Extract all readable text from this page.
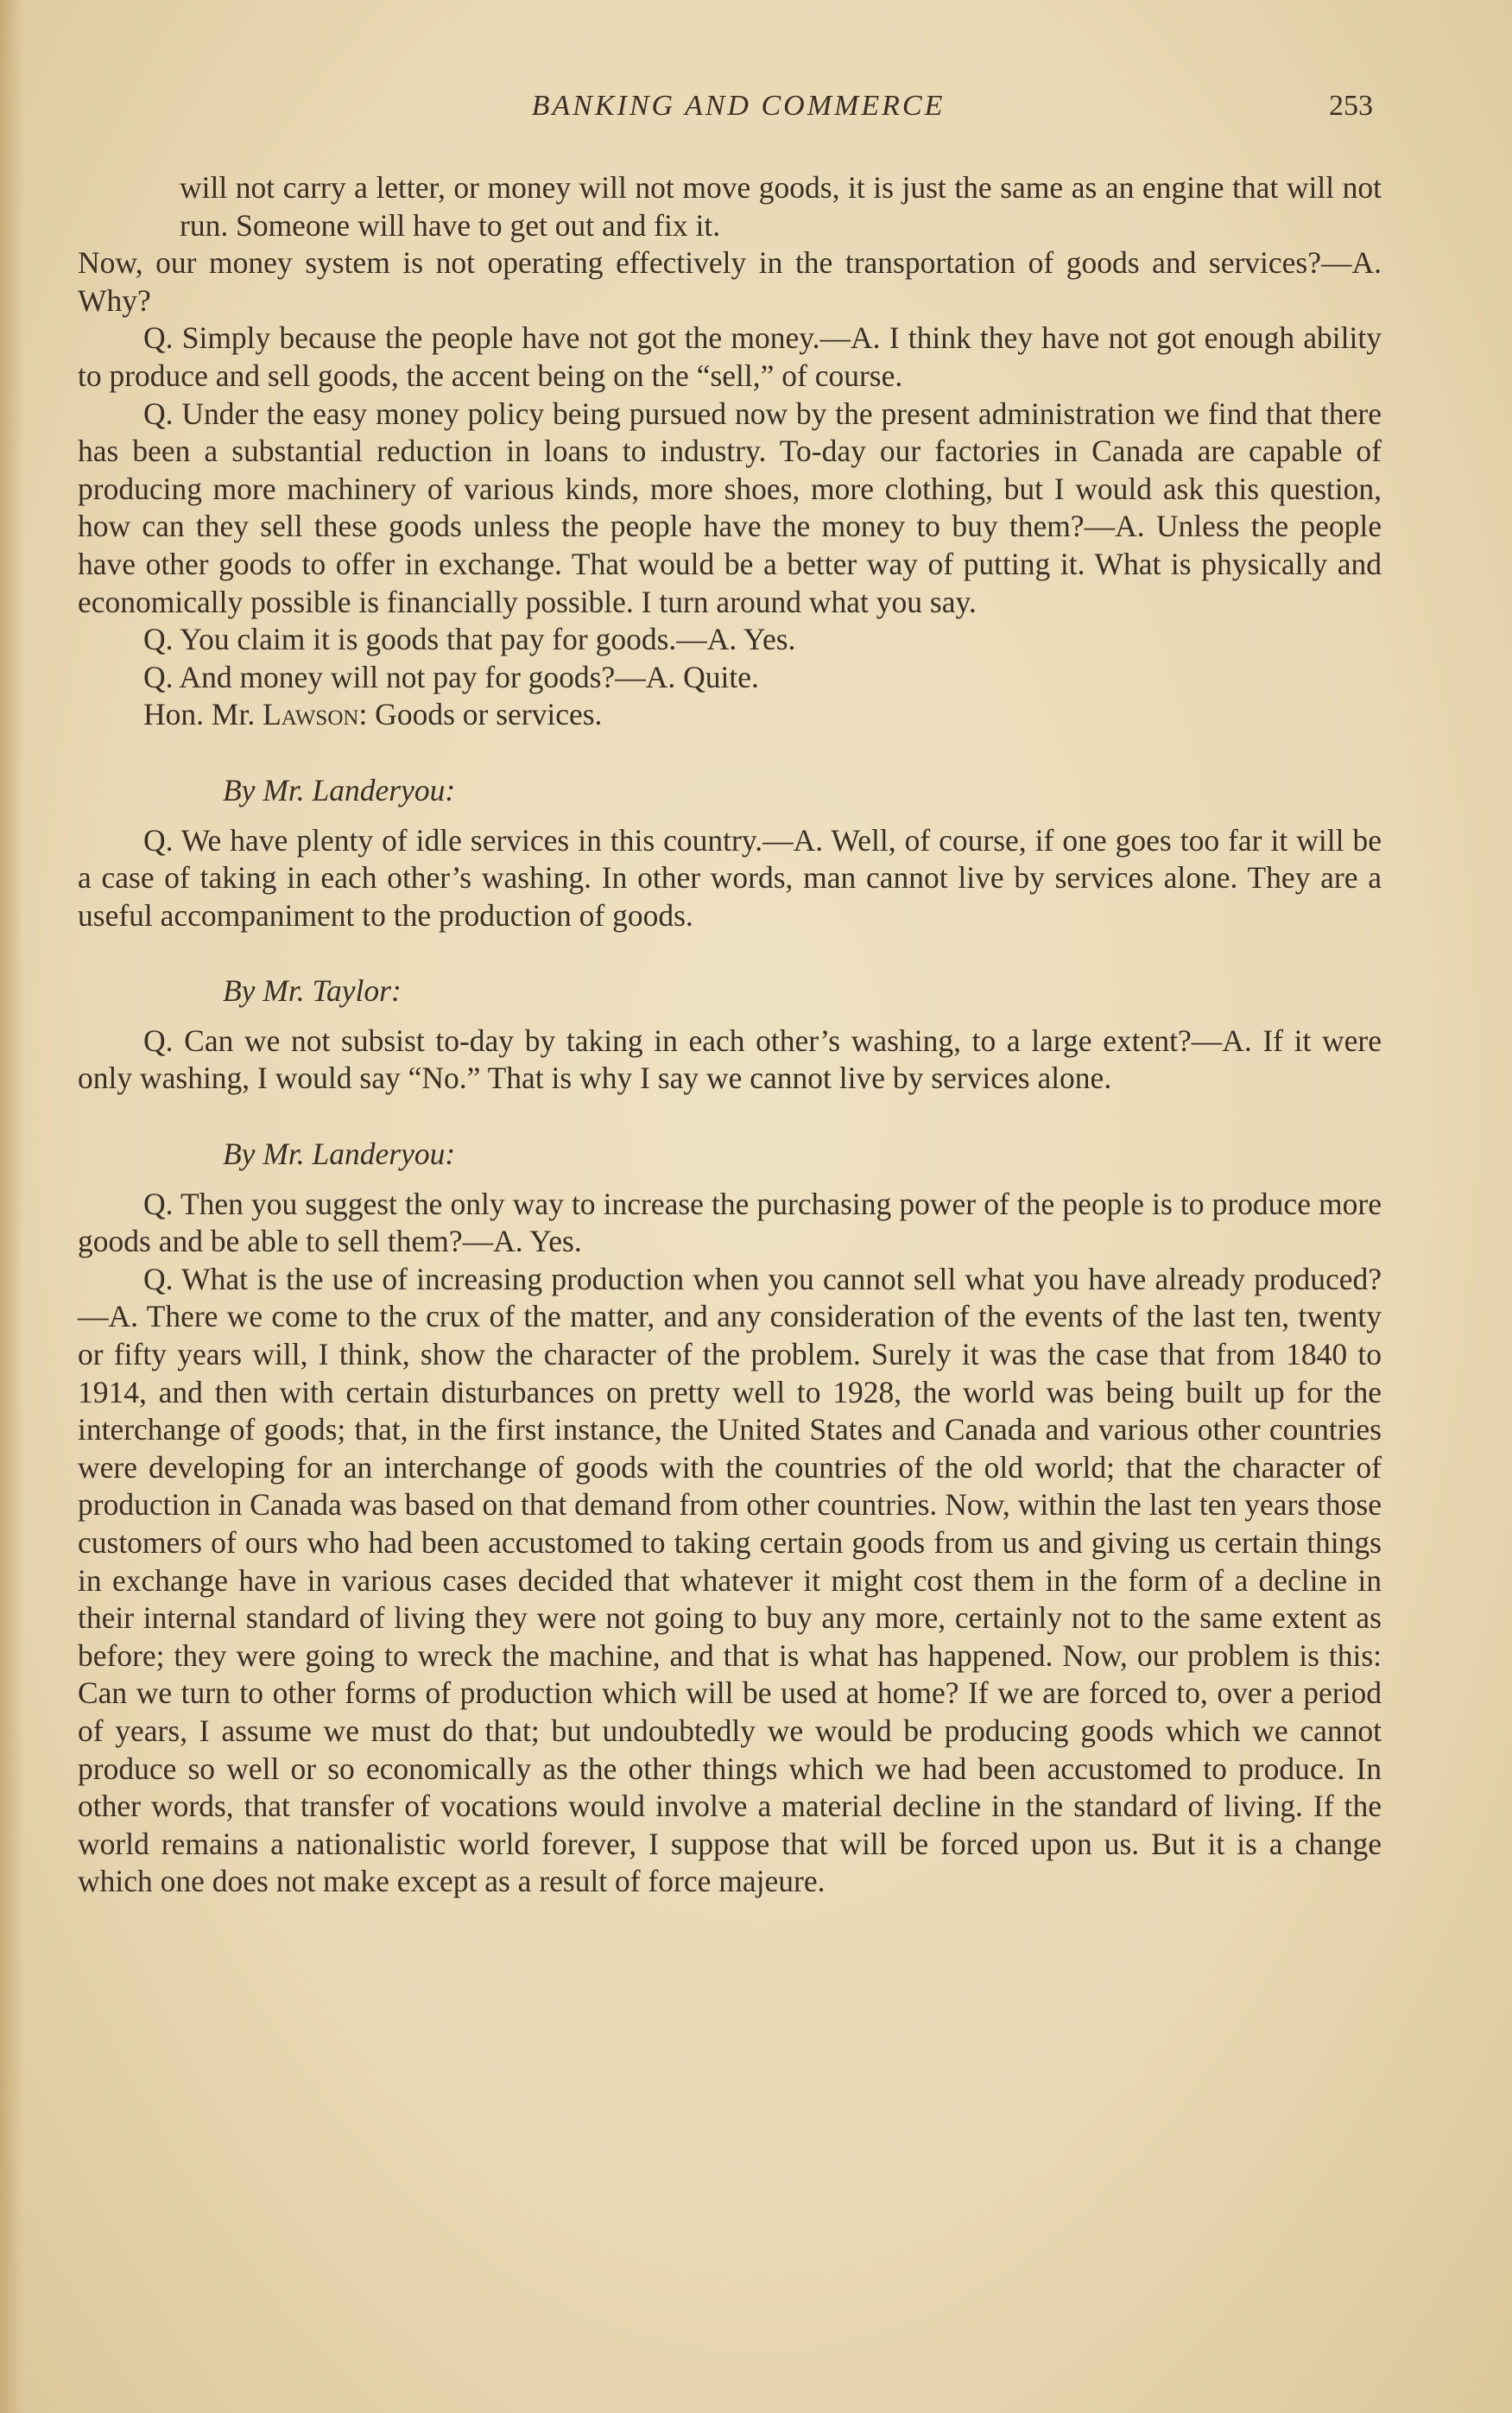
BANKING AND COMMERCE	253

will not carry a letter, or money will not move goods, it is just the same as an engine that will not run. Someone will have to get out and fix it.

Now, our money system is not operating effectively in the transportation of goods and services?—A. Why?

Q. Simply because the people have not got the money.—A. I think they have not got enough ability to produce and sell goods, the accent being on the “sell,” of course.

Q. Under the easy money policy being pursued now by the present administration we find that there has been a substantial reduction in loans to industry. To-day our factories in Canada are capable of producing more machinery of various kinds, more shoes, more clothing, but I would ask this question, how can they sell these goods unless the people have the money to buy them?—A. Unless the people have other goods to offer in exchange. That would be a better way of putting it. What is physically and economically possible is financially possible. I turn around what you say.

Q. You claim it is goods that pay for goods.—A. Yes.

Q. And money will not pay for goods?—A. Quite.

Hon. Mr. Lawson: Goods or services.

By Mr. Landeryou:

Q. We have plenty of idle services in this country.—A. Well, of course, if one goes too far it will be a case of taking in each other’s washing. In other words, man cannot live by services alone. They are a useful accompaniment to the production of goods.

By Mr. Taylor:

Q. Can we not subsist to-day by taking in each other’s washing, to a large extent?—A. If it were only washing, I would say “No.” That is why I say we cannot live by services alone.

By Mr. Landeryou:

Q. Then you suggest the only way to increase the purchasing power of the people is to produce more goods and be able to sell them?—A. Yes.

Q. What is the use of increasing production when you cannot sell what you have already produced?—A. There we come to the crux of the matter, and any consideration of the events of the last ten, twenty or fifty years will, I think, show the character of the problem. Surely it was the case that from 1840 to 1914, and then with certain disturbances on pretty well to 1928, the world was being built up for the interchange of goods; that, in the first instance, the United States and Canada and various other countries were developing for an interchange of goods with the countries of the old world; that the character of production in Canada was based on that demand from other countries. Now, within the last ten years those customers of ours who had been accustomed to taking certain goods from us and giving us certain things in exchange have in various cases decided that whatever it might cost them in the form of a decline in their internal standard of living they were not going to buy any more, certainly not to the same extent as before; they were going to wreck the machine, and that is what has happened. Now, our problem is this: Can we turn to other forms of production which will be used at home? If we are forced to, over a period of years, I assume we must do that; but undoubtedly we would be producing goods which we cannot produce so well or so economically as the other things which we had been accustomed to produce. In other words, that transfer of vocations would involve a material decline in the standard of living. If the world remains a nationalistic world forever, I suppose that will be forced upon us. But it is a change which one does not make except as a result of force majeure.
